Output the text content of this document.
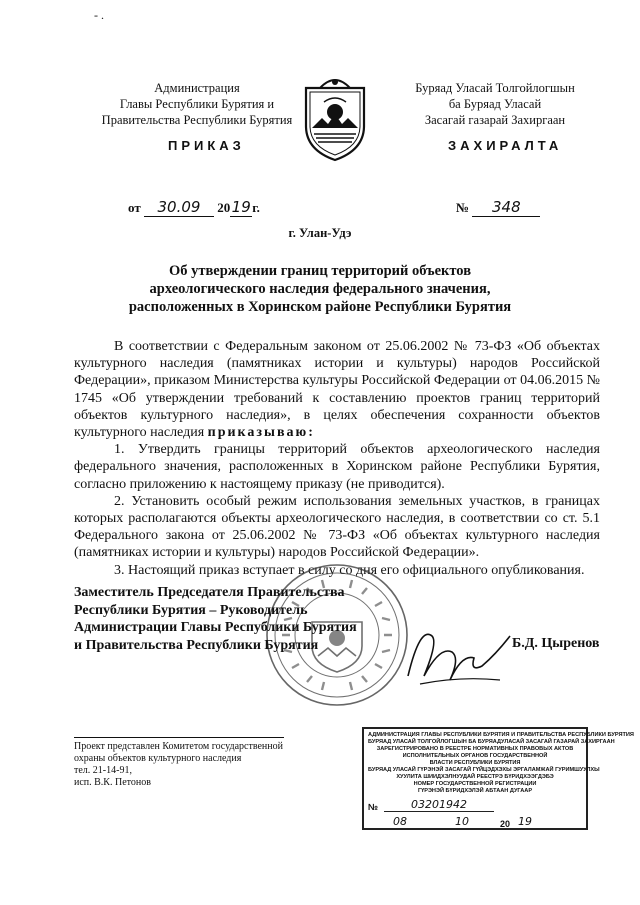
- .
Администрация
Главы Республики Бурятия и
Правительства Республики Бурятия
Буряад Уласай Толгойлогшын
ба Буряад Уласай
Засагай газарай Захиргаан
ПРИКАЗ	ЗАХИРАЛТА
от 30.09 2019г.	№ 348
г. Улан-Удэ
Об утверждении границ территорий объектов
археологического наследия федерального значения,
расположенных в Хоринском районе Республики Бурятия

В соответствии с Федеральным законом от 25.06.2002 № 73-ФЗ «Об объектах культурного наследия (памятниках истории и культуры) народов Российской Федерации», приказом Министерства культуры Российской Федерации от 04.06.2015 № 1745 «Об утверждении требований к составлению проектов границ территорий объектов культурного наследия», в целях обеспечения сохранности объектов культурного наследия приказываю:

1. Утвердить границы территорий объектов археологического наследия федерального значения, расположенных в Хоринском районе Республики Бурятия, согласно приложению к настоящему приказу (не приводится).

2. Установить особый режим использования земельных участков, в границах которых располагаются объекты археологического наследия, в соответствии со ст. 5.1 Федерального закона от 25.06.2002 № 73-ФЗ «Об объектах культурного наследия (памятниках истории и культуры) народов Российской Федерации».

3. Настоящий приказ вступает в силу со дня его официального опубликования.

Заместитель Председателя Правительства
Республики Бурятия – Руководитель
Администрации Главы Республики Бурятия
и Правительства Республики Бурятия	Б.Д. Цыренов
Проект представлен Комитетом государственной
охраны объектов культурного наследия
тел. 21-14-91,
исп. В.К. Петонов
АДМИНИСТРАЦИЯ ГЛАВЫ РЕСПУБЛИКИ БУРЯТИЯ И ПРАВИТЕЛЬСТВА РЕСПУБЛИКИ БУРЯТИЯ
БУРЯАД УЛАСАЙ ТОЛГОЙЛОГШЫН БА БУРЯАДУЛАСАЙ ЗАСАГАЙ ГАЗАРАЙ ЗАХИРГААН
ЗАРЕГИСТРИРОВАНО В РЕЕСТРЕ НОРМАТИВНЫХ ПРАВОВЫХ АКТОВ
ИСПОЛНИТЕЛЬНЫХ ОРГАНОВ ГОСУДАРСТВЕННОЙ
ВЛАСТИ РЕСПУБЛИКИ БУРЯТИЯ
БУРЯАД УЛАСАЙ ГҮРЭНЭЙ ЗАСАГАЙ ГҮЙЦЭДХЭХЫ ЭРГАЛАМЖАЙ ГУРИМШУУЛХЫ
ХУУЛИТА ШИИДХЭЛНУУДАЙ РЕЕСТРЭ БҮРИДХЭЭГДЭБЭ
НОМЕР ГОСУДАРСТВЕННОЙ РЕГИСТРАЦИИ
ГҮРЭНЭЙ БҮРИДХЭЛЭЙ АБТААН ДУГААР
№	03201942
08	10	20 19
